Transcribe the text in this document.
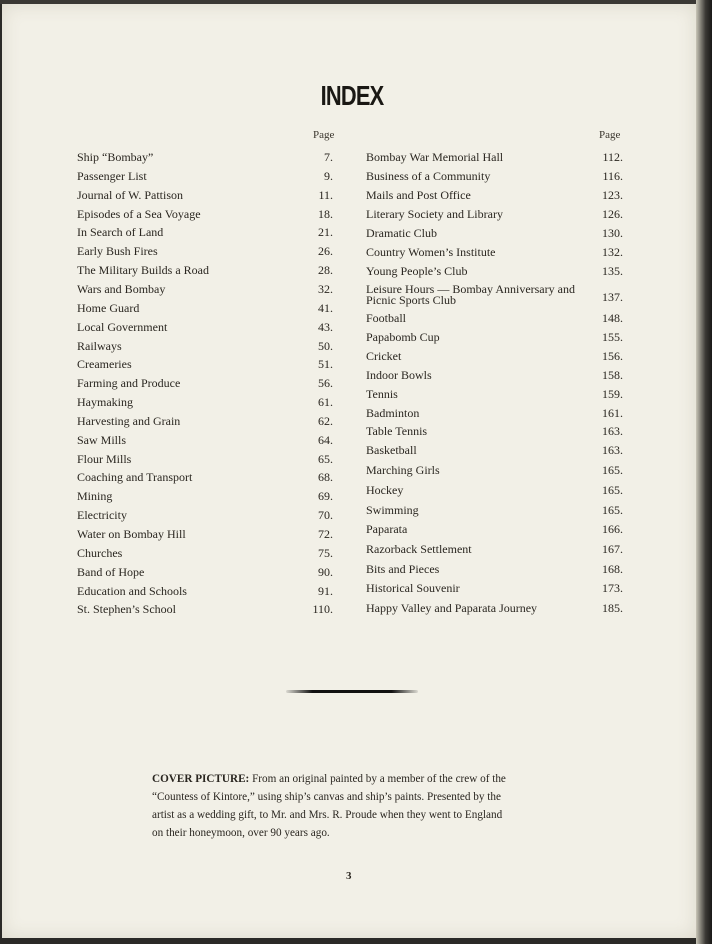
INDEX
Page	Page
Ship “Bombay”	7.
Passenger List	9.
Journal of W. Pattison	11.
Episodes of a Sea Voyage	18.
In Search of Land	21.
Early Bush Fires	26.
The Military Builds a Road	28.
Wars and Bombay	32.
Home Guard	41.
Local Government	43.
Railways	50.
Creameries	51.
Farming and Produce	56.
Haymaking	61.
Harvesting and Grain	62.
Saw Mills	64.
Flour Mills	65.
Coaching and Transport	68.
Mining	69.
Electricity	70.
Water on Bombay Hill	72.
Churches	75.
Band of Hope	90.
Education and Schools	91.
St. Stephen’s School	110.
Bombay War Memorial Hall	112.
Business of a Community	116.
Mails and Post Office	123.
Literary Society and Library	126.
Dramatic Club	130.
Country Women’s Institute	132.
Young People’s Club	135.
Leisure Hours — Bombay Anniversary and
Picnic Sports Club	137.
Football	148.
Papabomb Cup	155.
Cricket	156.
Indoor Bowls	158.
Tennis	159.
Badminton	161.
Table Tennis	163.
Basketball	163.
Marching Girls	165.
Hockey	165.
Swimming	165.
Paparata	166.
Razorback Settlement	167.
Bits and Pieces	168.
Historical Souvenir	173.
Happy Valley and Paparata Journey	185.
COVER PICTURE: From an original painted by a member of the crew of the
“Countess of Kintore,” using ship’s canvas and ship’s paints. Presented by the
artist as a wedding gift, to Mr. and Mrs. R. Proude when they went to England
on their honeymoon, over 90 years ago.
3
